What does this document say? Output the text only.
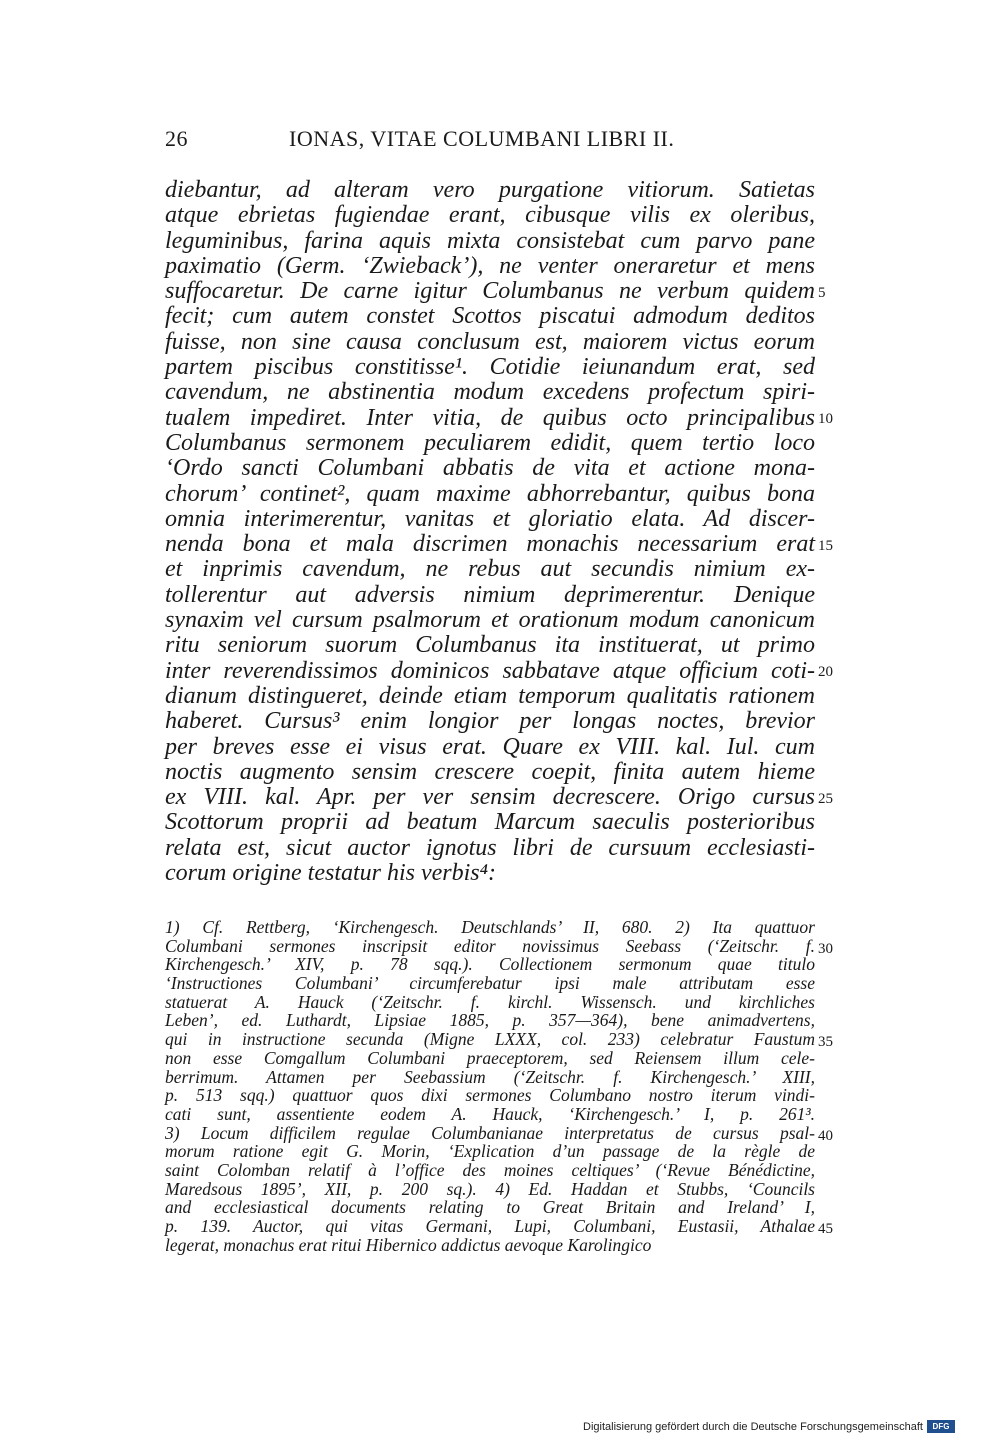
26	IONAS, VITAE COLUMBANI LIBRI II.
diebantur, ad alteram vero purgatione vitiorum. Satietas
atque ebrietas fugiendae erant, cibusque vilis ex oleribus,
leguminibus, farina aquis mixta consistebat cum parvo pane
paximatio (Germ. ‘Zwieback’), ne venter oneraretur et mens
suffocaretur. De carne igitur Columbanus ne verbum quidem
fecit; cum autem constet Scottos piscatui admodum deditos
fuisse, non sine causa conclusum est, maiorem victus eorum
partem piscibus constitisse¹. Cotidie ieiunandum erat, sed
cavendum, ne abstinentia modum excedens profectum spiri-
tualem impediret. Inter vitia, de quibus octo principalibus
Columbanus sermonem peculiarem edidit, quem tertio loco
‘Ordo sancti Columbani abbatis de vita et actione mona-
chorum’ continet², quam maxime abhorrebantur, quibus bona
omnia interimerentur, vanitas et gloriatio elata. Ad discer-
nenda bona et mala discrimen monachis necessarium erat
et inprimis cavendum, ne rebus aut secundis nimium ex-
tollerentur aut adversis nimium deprimerentur. Denique
synaxim vel cursum psalmorum et orationum modum canonicum
ritu seniorum suorum Columbanus ita instituerat, ut primo
inter reverendissimos dominicos sabbatave atque officium coti-
dianum distingueret, deinde etiam temporum qualitatis rationem
haberet. Cursus³ enim longior per longas noctes, brevior
per breves esse ei visus erat. Quare ex VIII. kal. Iul. cum
noctis augmento sensim crescere coepit, finita autem hieme
ex VIII. kal. Apr. per ver sensim decrescere. Origo cursus
Scottorum proprii ad beatum Marcum saeculis posterioribus
relata est, sicut auctor ignotus libri de cursuum ecclesiasti-
corum origine testatur his verbis⁴:
5
10
15
20
25
1) Cf. Rettberg, ‘Kirchengesch. Deutschlands’ II, 680. 2) Ita quattuor
Columbani sermones inscripsit editor novissimus Seebass (‘Zeitschr. f.
Kirchengesch.’ XIV, p. 78 sqq.). Collectionem sermonum quae titulo
‘Instructiones Columbani’ circumferebatur ipsi male attributam esse
statuerat A. Hauck (‘Zeitschr. f. kirchl. Wissensch. und kirchliches
Leben’, ed. Luthardt, Lipsiae 1885, p. 357—364), bene animadvertens,
qui in instructione secunda (Migne LXXX, col. 233) celebratur Faustum
non esse Comgallum Columbani praeceptorem, sed Reiensem illum cele-
berrimum. Attamen per Seebassium (‘Zeitschr. f. Kirchengesch.’ XIII,
p. 513 sqq.) quattuor quos dixi sermones Columbano nostro iterum vindi-
cati sunt, assentiente eodem A. Hauck, ‘Kirchengesch.’ I, p. 261³.
3) Locum difficilem regulae Columbanianae interpretatus de cursus psal-
morum ratione egit G. Morin, ‘Explication d’un passage de la règle de
saint Colomban relatif à l’office des moines celtiques’ (‘Revue Bénédictine,
Maredsous 1895’, XII, p. 200 sq.). 4) Ed. Haddan et Stubbs, ‘Councils
and ecclesiastical documents relating to Great Britain and Ireland’ I,
p. 139. Auctor, qui vitas Germani, Lupi, Columbani, Eustasii, Athalae
legerat, monachus erat ritui Hibernico addictus aevoque Karolingico
30
35
40
45
Digitalisierung gefördert durch die Deutsche Forschungsgemeinschaft	DFG
